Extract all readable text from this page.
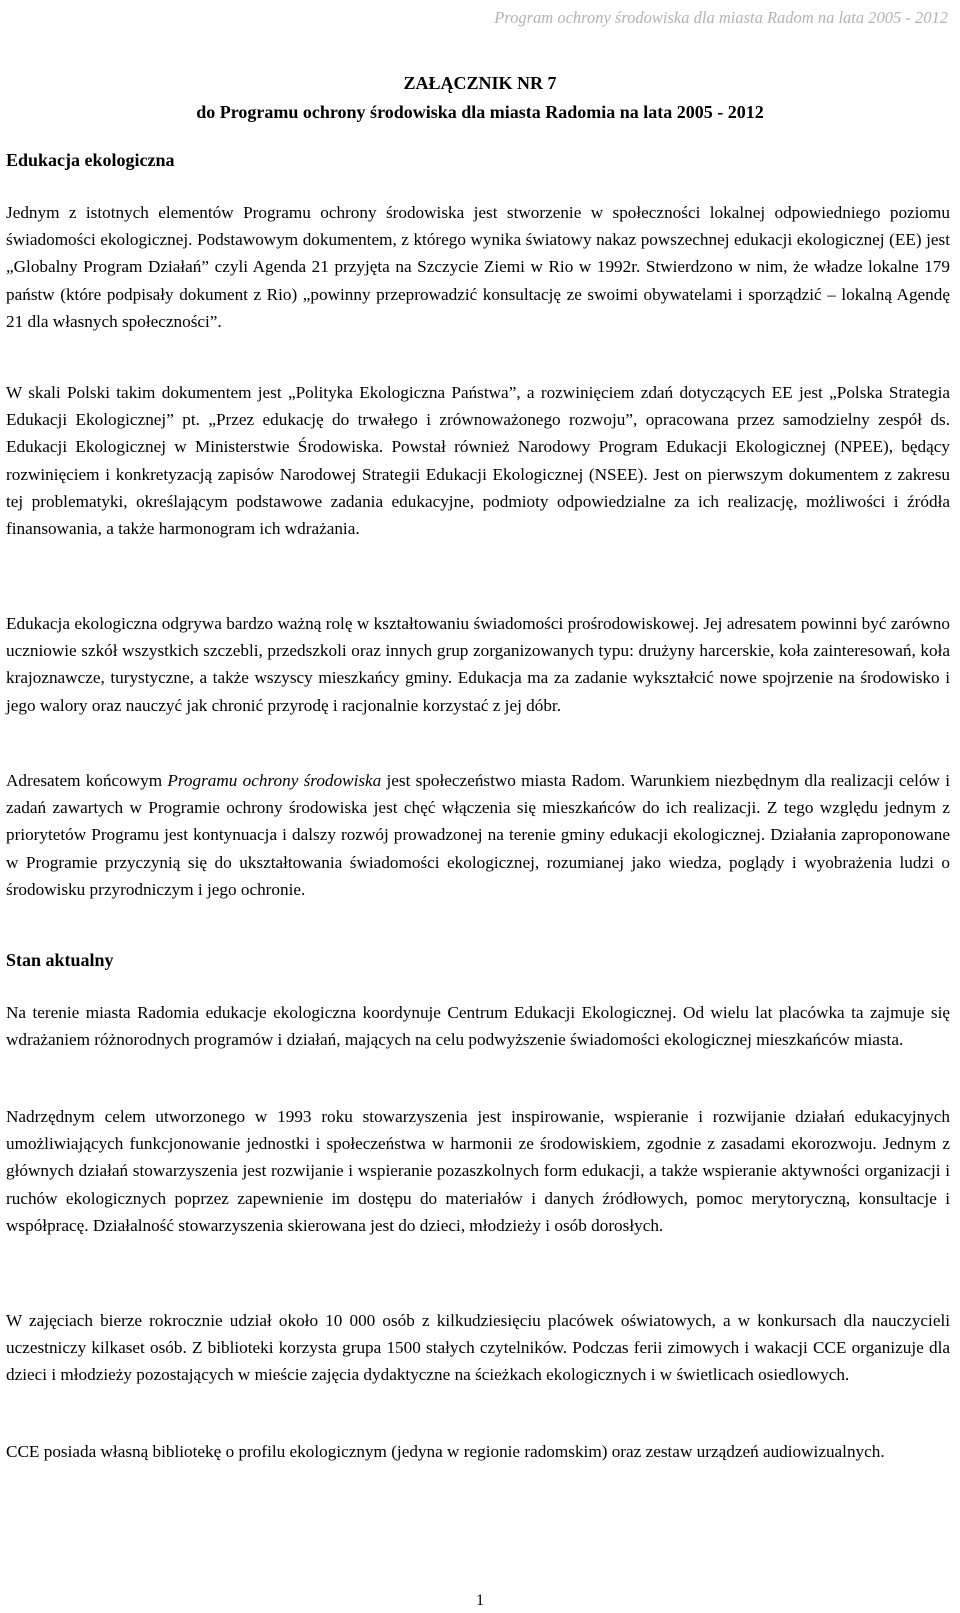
Program ochrony środowiska dla miasta Radom na lata 2005 - 2012
ZAŁĄCZNIK NR 7
do Programu ochrony środowiska dla miasta Radomia na lata 2005 - 2012
Edukacja ekologiczna
Jednym z istotnych elementów Programu ochrony środowiska jest stworzenie w społeczności lokalnej odpowiedniego poziomu świadomości ekologicznej. Podstawowym dokumentem, z którego wynika światowy nakaz powszechnej edukacji ekologicznej (EE) jest „Globalny Program Działań” czyli Agenda 21 przyjęta na Szczycie Ziemi w Rio w 1992r. Stwierdzono w nim, że władze lokalne 179 państw (które podpisały dokument z Rio) „powinny przeprowadzić konsultację ze swoimi obywatelami i sporządzić – lokalną Agendę 21 dla własnych społeczności”.
W skali Polski takim dokumentem jest „Polityka Ekologiczna Państwa”, a rozwinięciem zdań dotyczących EE jest „Polska Strategia Edukacji Ekologicznej” pt. „Przez edukację do trwałego i zrównoważonego rozwoju”, opracowana przez samodzielny zespół ds. Edukacji Ekologicznej w Ministerstwie Środowiska. Powstał również Narodowy Program Edukacji Ekologicznej (NPEE), będący rozwinięciem i konkretyzacją zapisów Narodowej Strategii Edukacji Ekologicznej (NSEE). Jest on pierwszym dokumentem z zakresu tej problematyki, określającym podstawowe zadania edukacyjne, podmioty odpowiedzialne za ich realizację, możliwości i źródła finansowania, a także harmonogram ich wdrażania.
Edukacja ekologiczna odgrywa bardzo ważną rolę w kształtowaniu świadomości prośrodowiskowej. Jej adresatem powinni być zarówno uczniowie szkół wszystkich szczebli, przedszkoli oraz innych grup zorganizowanych typu: drużyny harcerskie, koła zainteresowań, koła krajoznawcze, turystyczne, a także wszyscy mieszkańcy gminy. Edukacja ma za zadanie wykształcić nowe spojrzenie na środowisko i jego walory oraz nauczyć jak chronić przyrodę i racjonalnie korzystać z jej dóbr.
Adresatem końcowym Programu ochrony środowiska jest społeczeństwo miasta Radom. Warunkiem niezbędnym dla realizacji celów i zadań zawartych w Programie ochrony środowiska jest chęć włączenia się mieszkańców do ich realizacji. Z tego względu jednym z priorytetów Programu jest kontynuacja i dalszy rozwój prowadzonej na terenie gminy edukacji ekologicznej. Działania zaproponowane w Programie przyczynią się do ukształtowania świadomości ekologicznej, rozumianej jako wiedza, poglądy i wyobrażenia ludzi o środowisku przyrodniczym i jego ochronie.
Stan aktualny
Na terenie miasta Radomia edukacje ekologiczna koordynuje Centrum Edukacji Ekologicznej. Od wielu lat placówka ta zajmuje się wdrażaniem różnorodnych programów i działań, mających na celu podwyższenie świadomości ekologicznej mieszkańców miasta.
Nadrzędnym celem utworzonego w 1993 roku stowarzyszenia jest inspirowanie, wspieranie i rozwijanie działań edukacyjnych umożliwiających funkcjonowanie jednostki i społeczeństwa w harmonii ze środowiskiem, zgodnie z zasadami ekorozwoju. Jednym z głównych działań stowarzyszenia jest rozwijanie i wspieranie pozaszkolnych form edukacji, a także wspieranie aktywności organizacji i ruchów ekologicznych poprzez zapewnienie im dostępu do materiałów i danych źródłowych, pomoc merytoryczną, konsultacje i współpracę. Działalność stowarzyszenia skierowana jest do dzieci, młodzieży i osób dorosłych.
W zajęciach bierze rokrocznie udział około 10 000 osób z kilkudziesięciu placówek oświatowych, a w konkursach dla nauczycieli uczestniczy kilkaset osób. Z biblioteki korzysta grupa 1500 stałych czytelników. Podczas ferii zimowych i wakacji CCE organizuje dla dzieci i młodzieży pozostających w mieście zajęcia dydaktyczne na ścieżkach ekologicznych i w świetlicach osiedlowych.
CCE posiada własną bibliotekę o profilu ekologicznym (jedyna w regionie radomskim) oraz zestaw urządzeń audiowizualnych.
1
